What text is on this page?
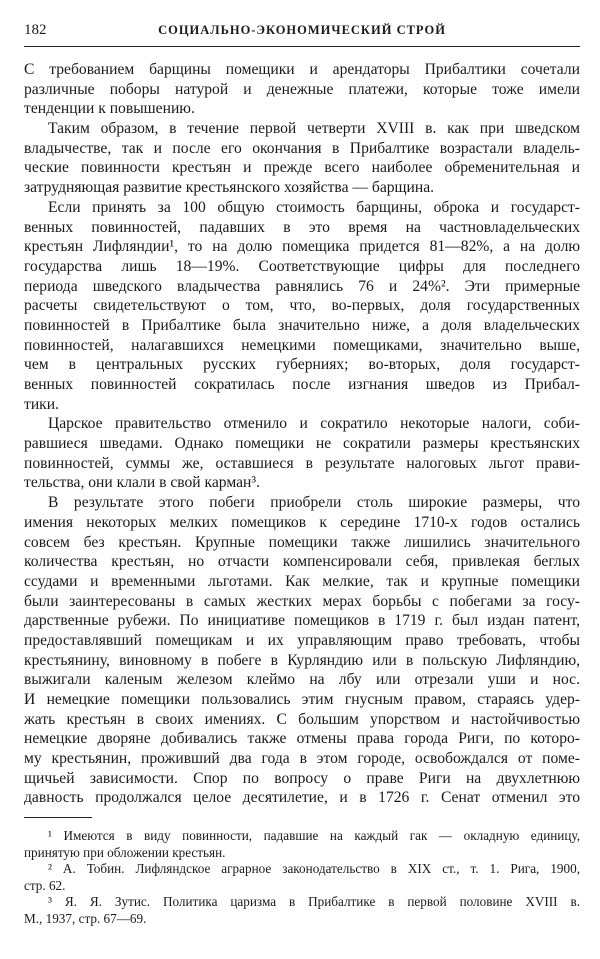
182	СОЦИАЛЬНО-ЭКОНОМИЧЕСКИЙ СТРОЙ
С требованием барщины помещики и арендаторы Прибалтики сочетали
различные поборы натурой и денежные платежи, которые тоже имели
тенденции к повышению.
Таким образом, в течение первой четверти XVIII в. как при шведском
владычестве, так и после его окончания в Прибалтике возрастали владель-
ческие повинности крестьян и прежде всего наиболее обременительная и
затрудняющая развитие крестьянского хозяйства — барщина.
Если принять за 100 общую стоимость барщины, оброка и государст-
венных повинностей, падавших в это время на частновладельческих
крестьян Лифляндии¹, то на долю помещика придется 81—82%, а на долю
государства лишь 18—19%. Соответствующие цифры для последнего
периода шведского владычества равнялись 76 и 24%². Эти примерные
расчеты свидетельствуют о том, что, во-первых, доля государственных
повинностей в Прибалтике была значительно ниже, а доля владельческих
повинностей, налагавшихся немецкими помещиками, значительно выше,
чем в центральных русских губерниях; во-вторых, доля государст-
венных повинностей сократилась после изгнания шведов из Прибал-
тики.
Царское правительство отменило и сократило некоторые налоги, соби-
равшиеся шведами. Однако помещики не сократили размеры крестьянских
повинностей, суммы же, оставшиеся в результате налоговых льгот прави-
тельства, они клали в свой карман³.
В результате этого побеги приобрели столь широкие размеры, что
имения некоторых мелких помещиков к середине 1710-х годов остались
совсем без крестьян. Крупные помещики также лишились значительного
количества крестьян, но отчасти компенсировали себя, привлекая беглых
ссудами и временными льготами. Как мелкие, так и крупные помещики
были заинтересованы в самых жестких мерах борьбы с побегами за госу-
дарственные рубежи. По инициативе помещиков в 1719 г. был издан патент,
предоставлявший помещикам и их управляющим право требовать, чтобы
крестьянину, виновному в побеге в Курляндию или в польскую Лифляндию,
выжигали каленым железом клеймо на лбу или отрезали уши и нос.
И немецкие помещики пользовались этим гнусным правом, стараясь удер-
жать крестьян в своих имениях. С большим упорством и настойчивостью
немецкие дворяне добивались также отмены права города Риги, по которо-
му крестьянин, проживший два года в этом городе, освобождался от поме-
щичьей зависимости. Спор по вопросу о праве Риги на двухлетнюю
давность продолжался целое десятилетие, и в 1726 г. Сенат отменил это
¹ Имеются в виду повинности, падавшие на каждый гак — окладную единицу,
принятую при обложении крестьян.
² А. Тобин. Лифляндское аграрное законодательство в XIX ст., т. 1. Рига, 1900,
стр. 62.
³ Я. Я. Зутис. Политика царизма в Прибалтике в первой половине XVIII в.
М., 1937, стр. 67—69.
